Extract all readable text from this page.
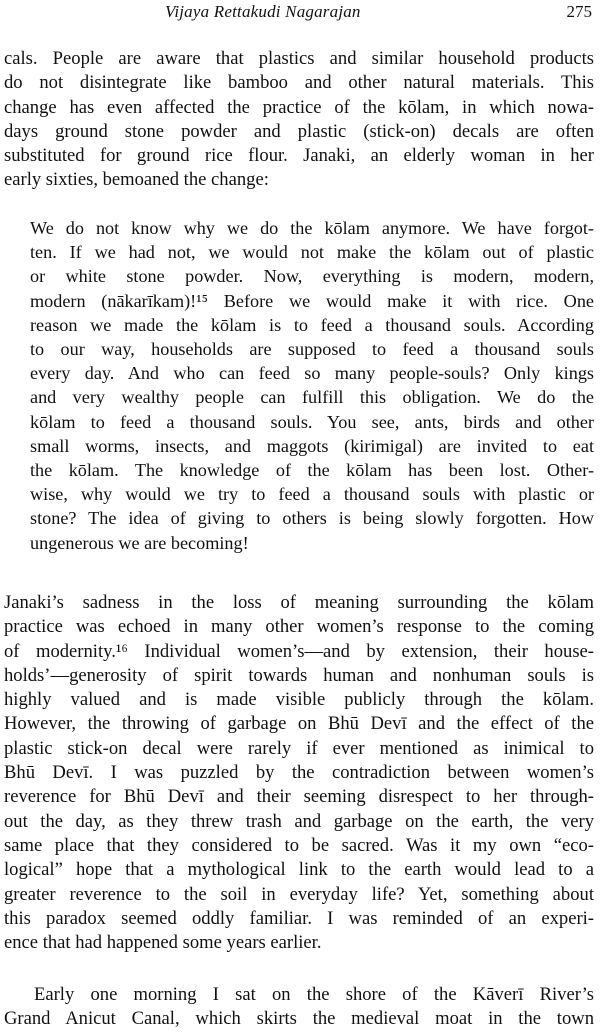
Vijaya Rettakudi Nagarajan	275
cals. People are aware that plastics and similar household products
do not disintegrate like bamboo and other natural materials. This
change has even affected the practice of the kōlam, in which nowa-
days ground stone powder and plastic (stick-on) decals are often
substituted for ground rice flour. Janaki, an elderly woman in her
early sixties, bemoaned the change:
We do not know why we do the kōlam anymore. We have forgot-
ten. If we had not, we would not make the kōlam out of plastic
or white stone powder. Now, everything is modern, modern,
modern (nākarīkam)!¹⁵ Before we would make it with rice. One
reason we made the kōlam is to feed a thousand souls. According
to our way, households are supposed to feed a thousand souls
every day. And who can feed so many people-souls? Only kings
and very wealthy people can fulfill this obligation. We do the
kōlam to feed a thousand souls. You see, ants, birds and other
small worms, insects, and maggots (kirimigal) are invited to eat
the kōlam. The knowledge of the kōlam has been lost. Other-
wise, why would we try to feed a thousand souls with plastic or
stone? The idea of giving to others is being slowly forgotten. How
ungenerous we are becoming!
Janaki’s sadness in the loss of meaning surrounding the kōlam
practice was echoed in many other women’s response to the coming
of modernity.¹⁶ Individual women’s—and by extension, their house-
holds’—generosity of spirit towards human and nonhuman souls is
highly valued and is made visible publicly through the kōlam.
However, the throwing of garbage on Bhū Devī and the effect of the
plastic stick-on decal were rarely if ever mentioned as inimical to
Bhū Devī. I was puzzled by the contradiction between women’s
reverence for Bhū Devī and their seeming disrespect to her through-
out the day, as they threw trash and garbage on the earth, the very
same place that they considered to be sacred. Was it my own “eco-
logical” hope that a mythological link to the earth would lead to a
greater reverence to the soil in everyday life? Yet, something about
this paradox seemed oddly familiar. I was reminded of an experi-
ence that had happened some years earlier.
Early one morning I sat on the shore of the Kāverī River’s
Grand Anicut Canal, which skirts the medieval moat in the town
